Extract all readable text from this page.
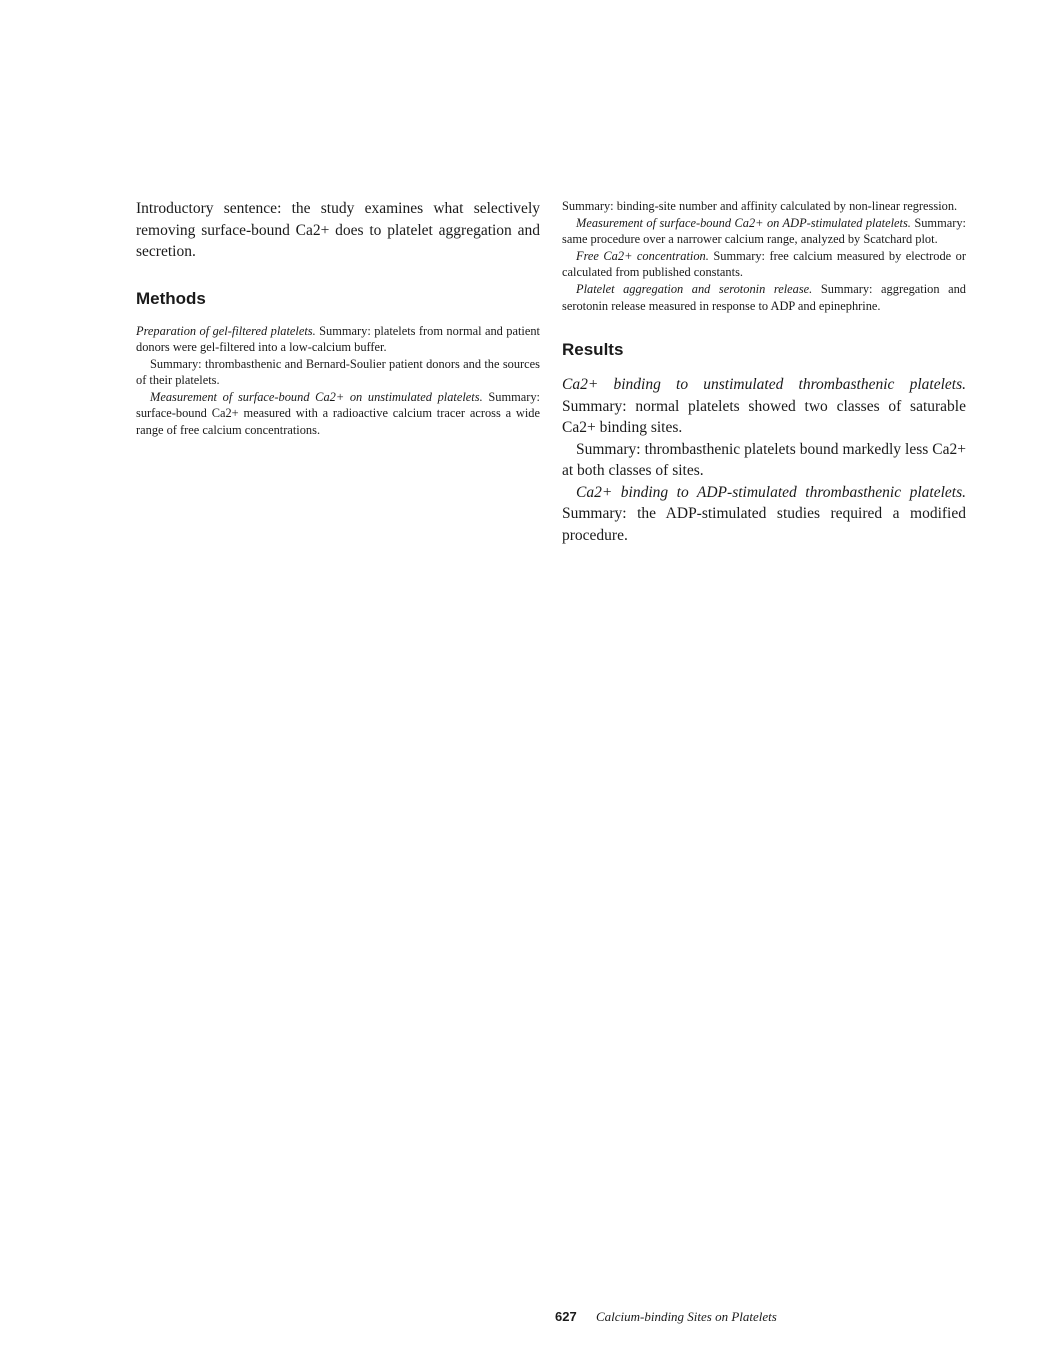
Introductory sentence: the study examines what selectively removing surface-bound Ca2+ does to platelet aggregation and secretion.

Methods

Preparation of gel-filtered platelets. Summary: platelets from normal and patient donors were gel-filtered into a low-calcium buffer.

Summary: thrombasthenic and Bernard-Soulier patient donors and the sources of their platelets.

Measurement of surface-bound Ca2+ on unstimulated platelets. Summary: surface-bound Ca2+ measured with a radioactive calcium tracer across a wide range of free calcium concentrations.

Summary: binding-site number and affinity calculated by non-linear regression.

Measurement of surface-bound Ca2+ on ADP-stimulated platelets. Summary: same procedure over a narrower calcium range, analyzed by Scatchard plot.

Free Ca2+ concentration. Summary: free calcium measured by electrode or calculated from published constants.

Platelet aggregation and serotonin release. Summary: aggregation and serotonin release measured in response to ADP and epinephrine.

Results

Ca2+ binding to unstimulated thrombasthenic platelets. Summary: normal platelets showed two classes of saturable Ca2+ binding sites.

Summary: thrombasthenic platelets bound markedly less Ca2+ at both classes of sites.

Ca2+ binding to ADP-stimulated thrombasthenic platelets. Summary: the ADP-stimulated studies required a modified procedure.

627 Calcium-binding Sites on Platelets
